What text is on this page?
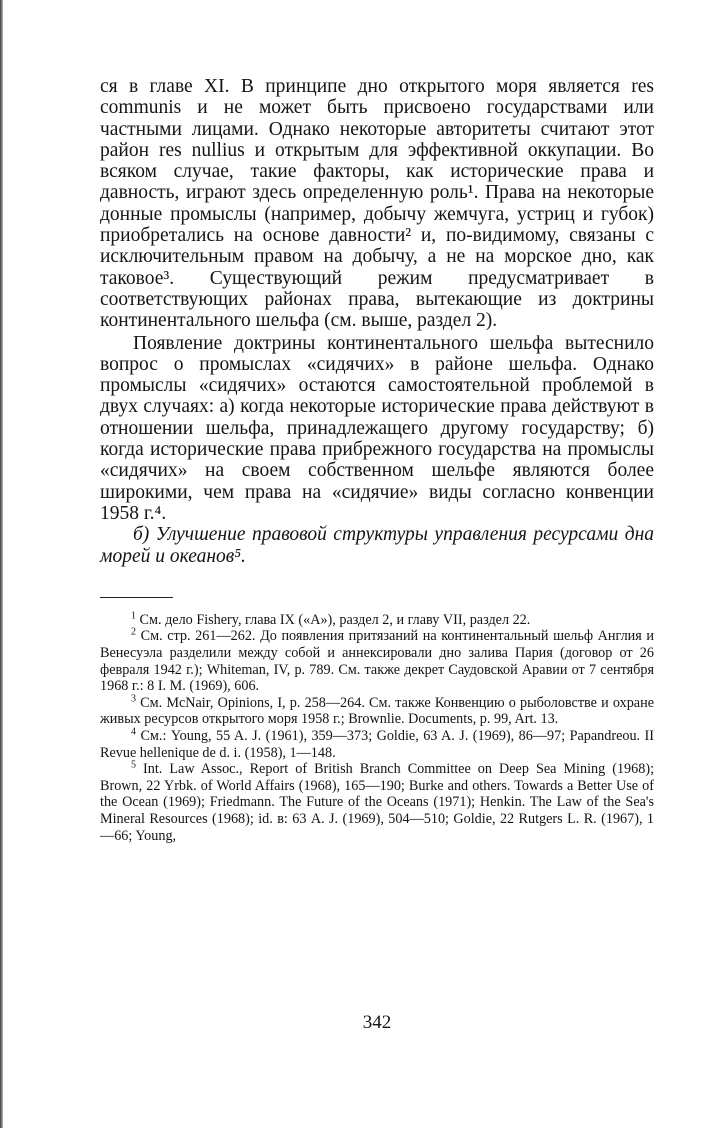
ся в главе XI. В принципе дно открытого моря является res communis и не может быть присвоено государствами или частными лицами. Однако некоторые авторитеты считают этот район res nullius и открытым для эффективной оккупации. Во всяком случае, такие факторы, как исторические права и давность, играют здесь определенную роль¹. Права на некоторые донные промыслы (например, добычу жемчуга, устриц и губок) приобретались на основе давности² и, по-видимому, связаны с исключительным правом на добычу, а не на морское дно, как таковое³. Существующий режим предусматривает в соответствующих районах права, вытекающие из доктрины континентального шельфа (см. выше, раздел 2).

Появление доктрины континентального шельфа вытеснило вопрос о промыслах «сидячих» в районе шельфа. Однако промыслы «сидячих» остаются самостоятельной проблемой в двух случаях: а) когда некоторые исторические права действуют в отношении шельфа, принадлежащего другому государству; б) когда исторические права прибрежного государства на промыслы «сидячих» на своем собственном шельфе являются более широкими, чем права на «сидячие» виды согласно конвенции 1958 г.⁴.

б) Улучшение правовой структуры управления ресурсами дна морей и океанов⁵.

$^1$ См. дело Fishery, глава IX («А»), раздел 2, и главу VII, раздел 22.

$^2$ См. стр. 261—262. До появления притязаний на континентальный шельф Англия и Венесуэла разделили между собой и аннексировали дно залива Пария (договор от 26 февраля 1942 г.); Whiteman, IV, p. 789. См. также декрет Саудовской Аравии от 7 сентября 1968 г.: 8 I. M. (1969), 606.

$^3$ См. McNair, Opinions, I, p. 258—264. См. также Конвенцию о рыболовстве и охране живых ресурсов открытого моря 1958 г.; Brownlie. Documents, p. 99, Art. 13.

$^4$ См.: Young, 55 A. J. (1961), 359—373; Goldie, 63 A. J. (1969), 86—97; Papandreou. II Revue hellenique de d. i. (1958), 1—148.

$^5$ Int. Law Assoc., Report of British Branch Committee on Deep Sea Mining (1968); Brown, 22 Yrbk. of World Affairs (1968), 165—190; Burke and others. Towards a Better Use of the Ocean (1969); Friedmann. The Future of the Oceans (1971); Henkin. The Law of the Sea's Mineral Resources (1968); id. в: 63 A. J. (1969), 504—510; Goldie, 22 Rutgers L. R. (1967), 1—66; Young,

342
